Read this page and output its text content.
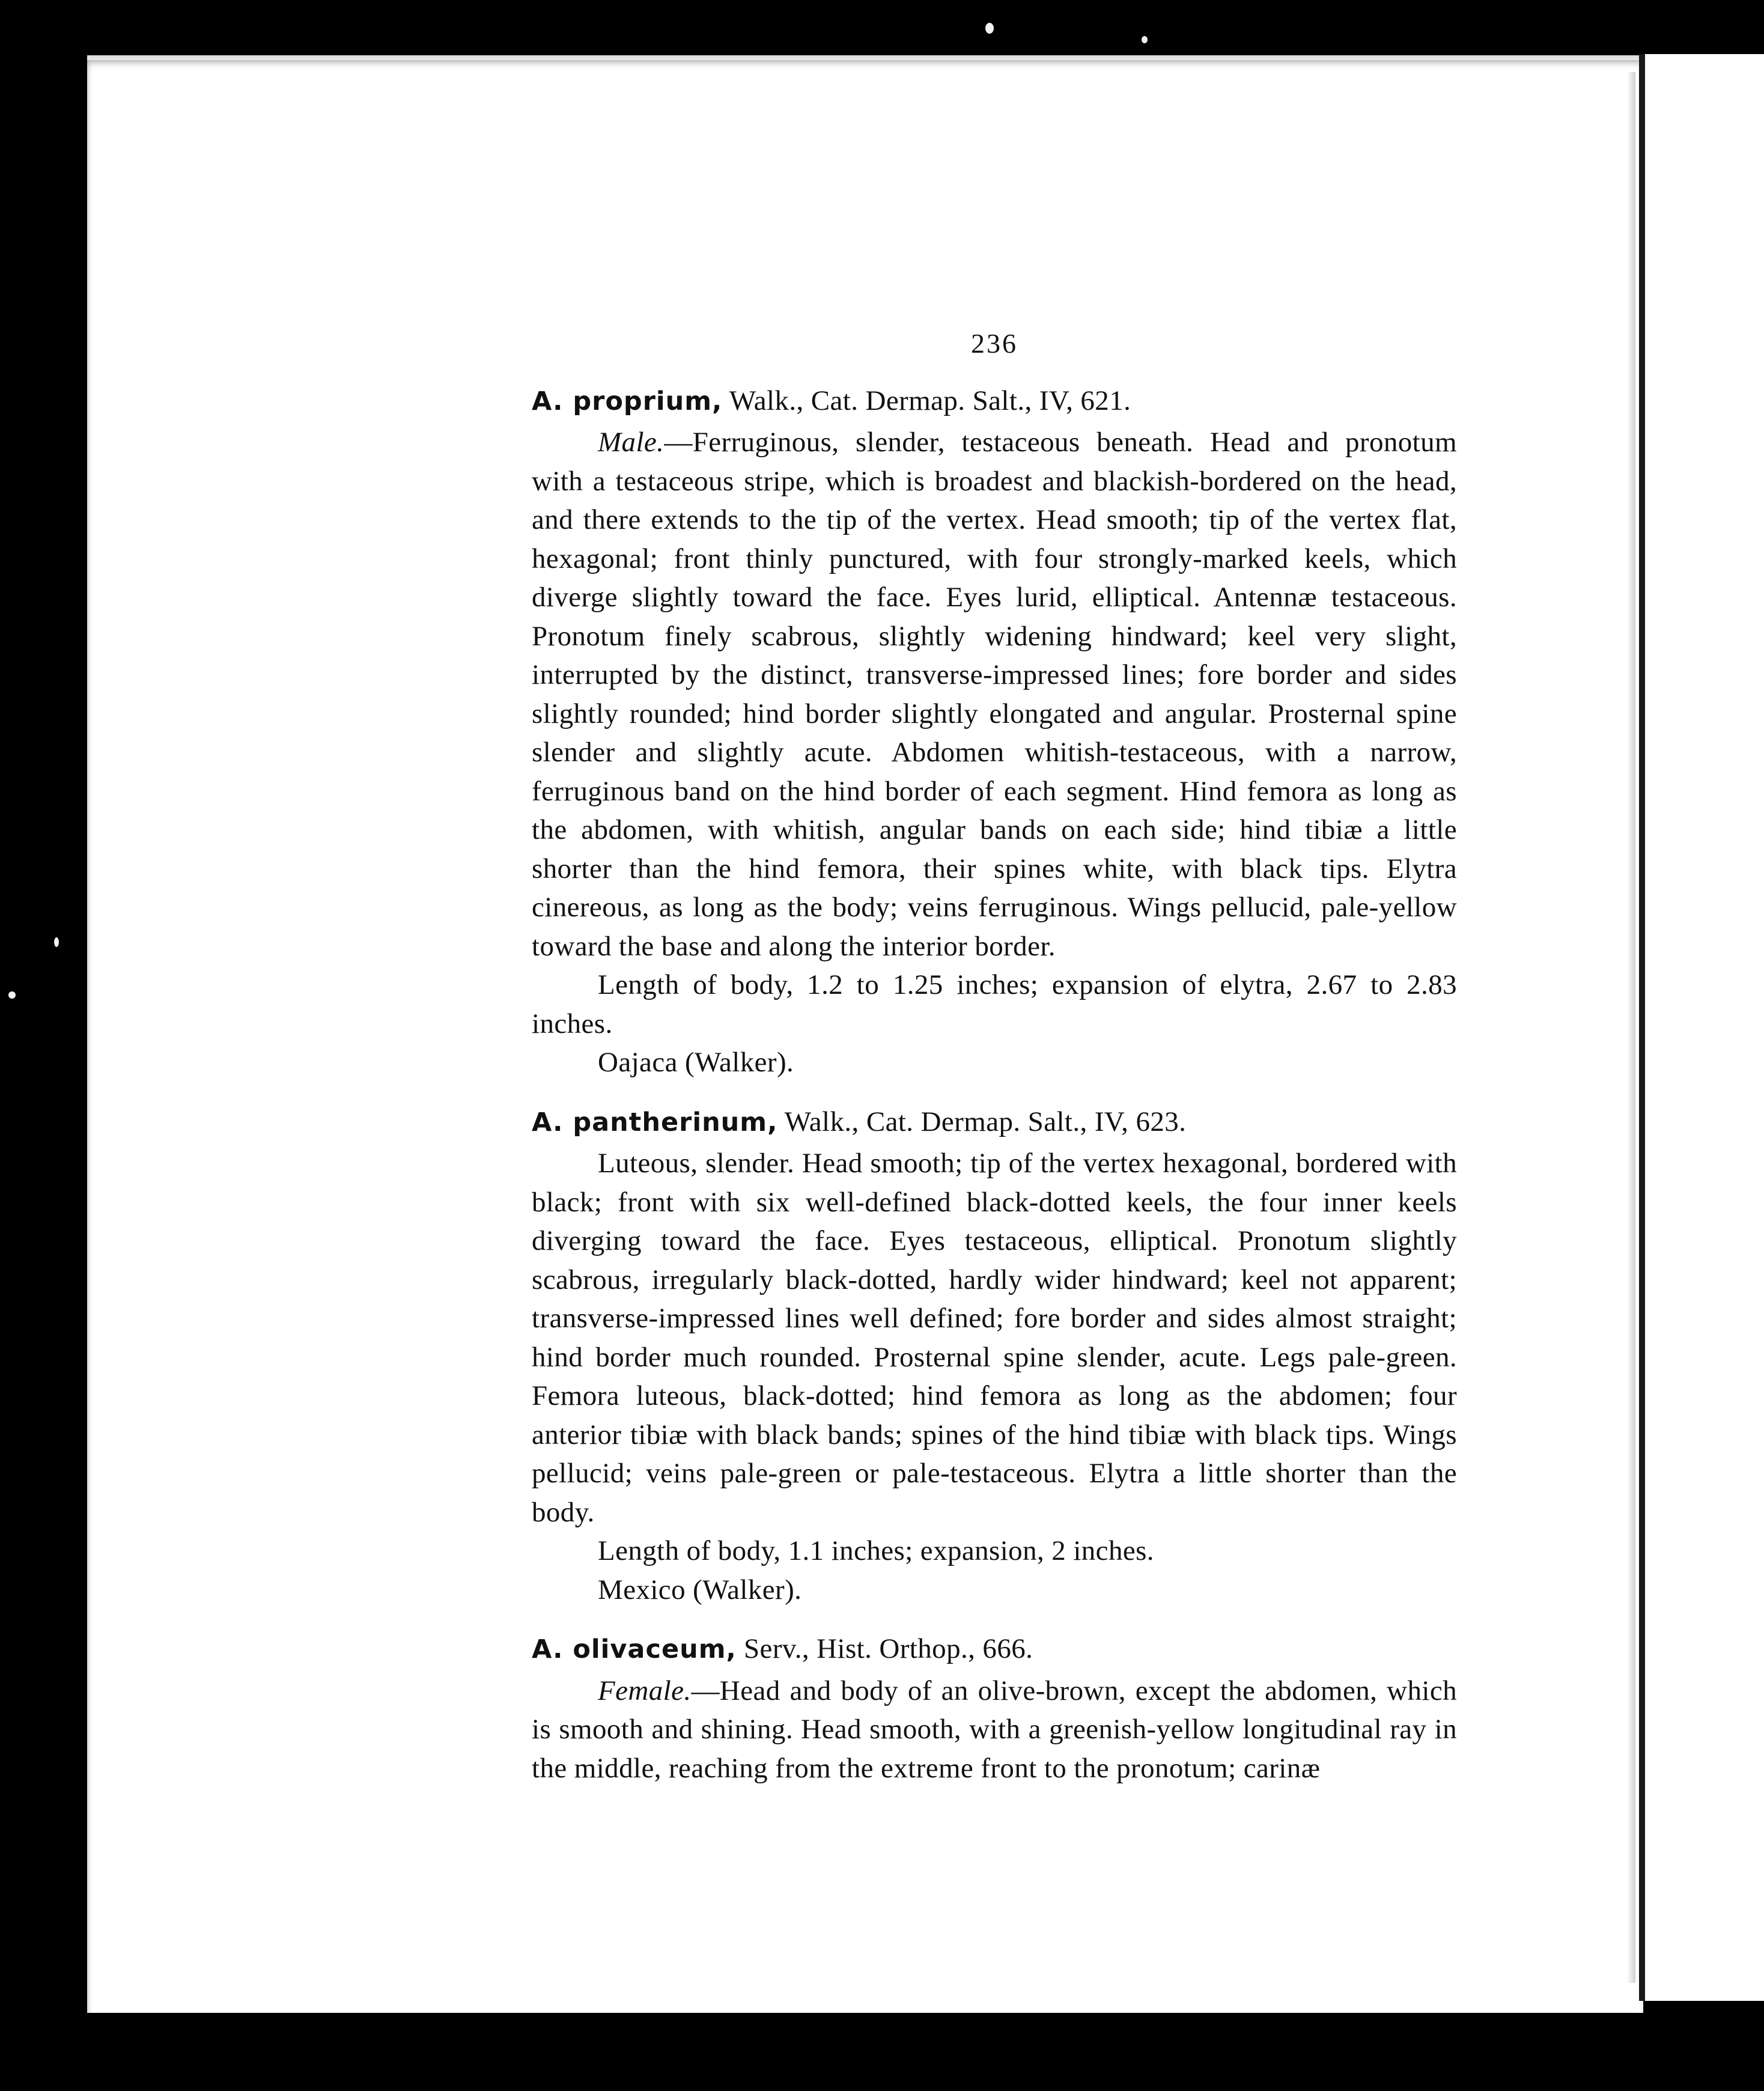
236
A. proprium, Walk., Cat. Dermap. Salt., IV, 621.

Male.—Ferruginous, slender, testaceous beneath. Head and pronotum with a testaceous stripe, which is broadest and blackish-bordered on the head, and there extends to the tip of the vertex. Head smooth; tip of the vertex flat, hexagonal; front thinly punctured, with four strongly-marked keels, which diverge slightly toward the face. Eyes lurid, elliptical. Antennæ testaceous. Pronotum finely scabrous, slightly widening hindward; keel very slight, interrupted by the distinct, transverse-impressed lines; fore border and sides slightly rounded; hind border slightly elongated and angular. Prosternal spine slender and slightly acute. Abdomen whitish-testaceous, with a narrow, ferruginous band on the hind border of each segment. Hind femora as long as the abdomen, with whitish, angular bands on each side; hind tibiæ a little shorter than the hind femora, their spines white, with black tips. Elytra cinereous, as long as the body; veins ferruginous. Wings pellucid, pale-yellow toward the base and along the interior border.

Length of body, 1.2 to 1.25 inches; expansion of elytra, 2.67 to 2.83 inches.

Oajaca (Walker).

A. pantherinum, Walk., Cat. Dermap. Salt., IV, 623.

Luteous, slender. Head smooth; tip of the vertex hexagonal, bordered with black; front with six well-defined black-dotted keels, the four inner keels diverging toward the face. Eyes testaceous, elliptical. Pronotum slightly scabrous, irregularly black-dotted, hardly wider hindward; keel not apparent; transverse-impressed lines well defined; fore border and sides almost straight; hind border much rounded. Prosternal spine slender, acute. Legs pale-green. Femora luteous, black-dotted; hind femora as long as the abdomen; four anterior tibiæ with black bands; spines of the hind tibiæ with black tips. Wings pellucid; veins pale-green or pale-testaceous. Elytra a little shorter than the body.

Length of body, 1.1 inches; expansion, 2 inches.

Mexico (Walker).

A. olivaceum, Serv., Hist. Orthop., 666.

Female.—Head and body of an olive-brown, except the abdomen, which is smooth and shining. Head smooth, with a greenish-yellow longitudinal ray in the middle, reaching from the extreme front to the pronotum; carinæ
